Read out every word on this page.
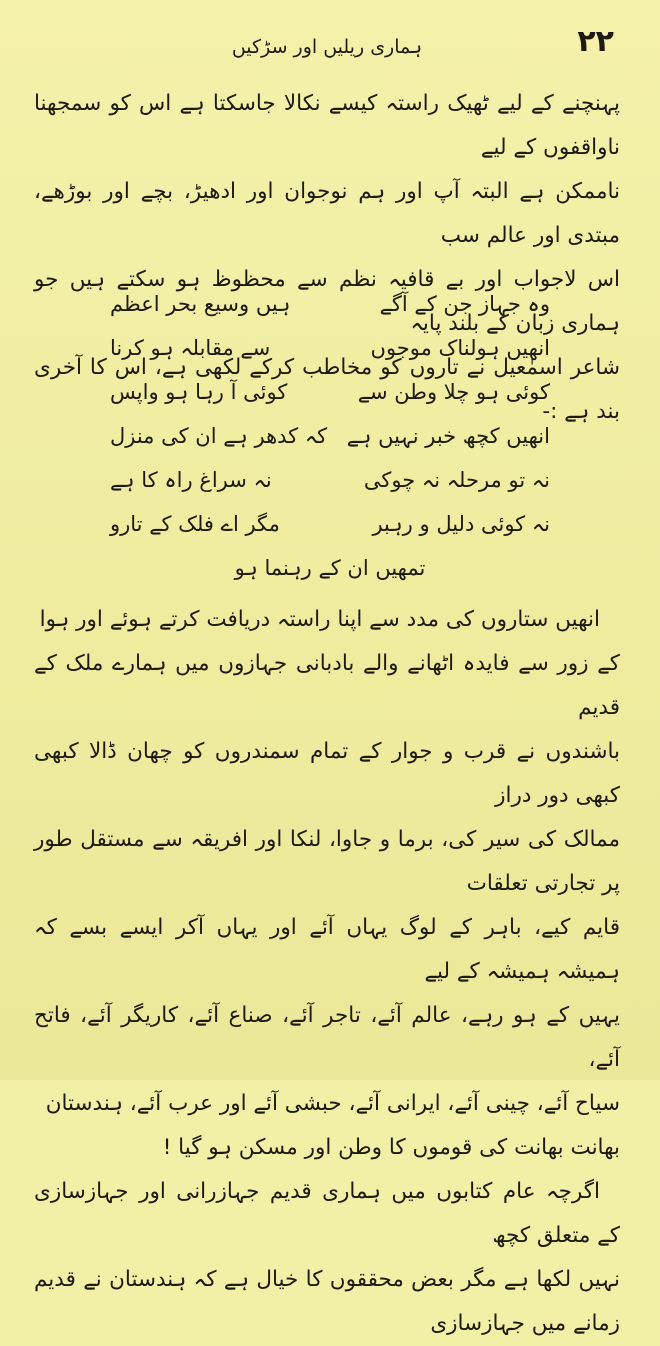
ہماری ریلیں اور سڑکیں	۲۲

پہنچنے کے لیے ٹھیک راستہ کیسے نکالا جاسکتا ہے اس کو سمجھنا ناواقفوں کے لیے

ناممکن ہے البتہ آپ اور ہم نوجوان اور ادھیڑ، بچے اور بوڑھے، مبتدی اور عالم سب

اس لاجواب اور بے قافیہ نظم سے محظوظ ہو سکتے ہیں جو ہماری زبان کے بلند پایہ

شاعر اسمٰعیل نے تاروں کو مخاطب کرکے لکھی ہے، اس کا آخری بند ہے :-

وہ جہاز جن کے آگے
ہیں وسیع بحر اعظم
انھیں ہولناک موجوں
سے مقابلہ ہو کرنا
کوئی ہو چلا وطن سے
کوئی آ رہا ہو واپس
انھیں کچھ خبر نہیں ہے
کہ کدھر ہے ان کی منزل
نہ تو مرحلہ نہ چوکی
نہ سراغ راہ کا ہے
نہ کوئی دلیل و رہبر
مگر اے فلک کے تارو
تمھیں ان کے رہنما ہو

انھیں ستاروں کی مدد سے اپنا راستہ دریافت کرتے ہوئے اور ہوا

کے زور سے فایدہ اٹھانے والے بادبانی جہازوں میں ہمارے ملک کے قدیم

باشندوں نے قرب و جوار کے تمام سمندروں کو چھان ڈالا کبھی کبھی دور دراز

ممالک کی سیر کی، برما و جاوا، لنکا اور افریقہ سے مستقل طور پر تجارتی تعلقات

قایم کیے، باہر کے لوگ یہاں آئے اور یہاں آکر ایسے بسے کہ ہمیشہ ہمیشہ کے لیے

یہیں کے ہو رہے، عالم آئے، تاجر آئے، صناع آئے، کاریگر آئے، فاتح آئے،

سیاح آئے، چینی آئے، ایرانی آئے، حبشی آئے اور عرب آئے، ہندستان

بھانت بھانت کی قوموں کا وطن اور مسکن ہو گیا !

اگرچہ عام کتابوں میں ہماری قدیم جہازرانی اور جہازسازی کے متعلق کچھ

نہیں لکھا ہے مگر بعض محققوں کا خیال ہے کہ ہندستان نے قدیم زمانے میں جہازسازی
